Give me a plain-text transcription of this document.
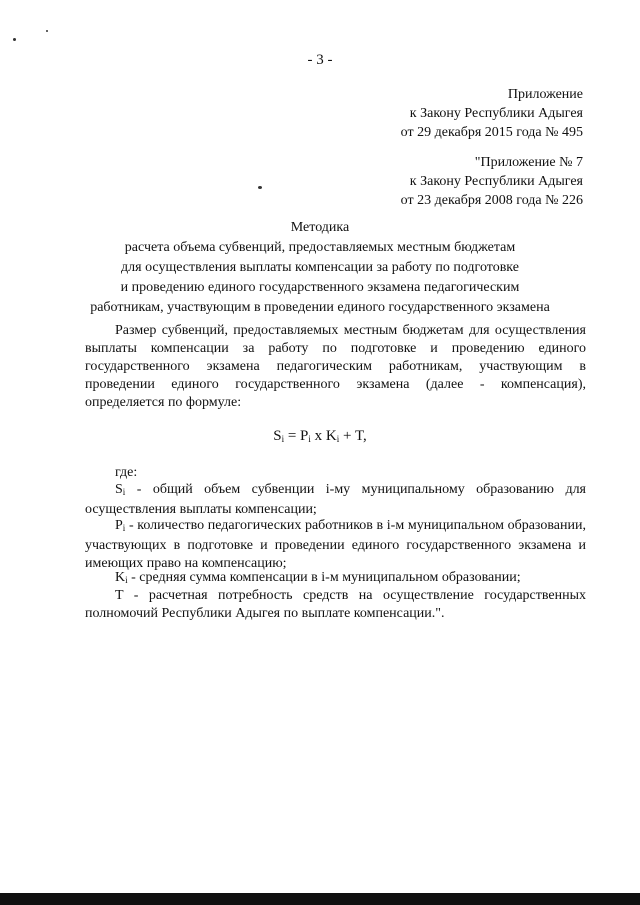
- 3 -
Приложение
к Закону Республики Адыгея
от 29 декабря 2015 года № 495
"Приложение № 7
к Закону Республики Адыгея
от 23 декабря 2008 года № 226
Методика
расчета объема субвенций, предоставляемых местным бюджетам
для осуществления выплаты компенсации за работу по подготовке
и проведению единого государственного экзамена педагогическим
работникам, участвующим в проведении единого государственного экзамена

Размер субвенций, предоставляемых местным бюджетам для осуществления выплаты компенсации за работу по подготовке и проведению единого государственного экзамена педагогическим работникам, участвующим в проведении единого государственного экзамена (далее - компенсация), определяется по формуле:

$S_i = P_i$ x $K_i + T$,
где:

$S_i$ - общий объем субвенции i-му муниципальному образованию для осуществления выплаты компенсации;

$P_i$ - количество педагогических работников в i-м муниципальном образовании, участвующих в подготовке и проведении единого государственного экзамена и имеющих право на компенсацию;

$K_i$ - средняя сумма компенсации в i-м муниципальном образовании;

T - расчетная потребность средств на осуществление государственных полномочий Республики Адыгея по выплате компенсации.".
